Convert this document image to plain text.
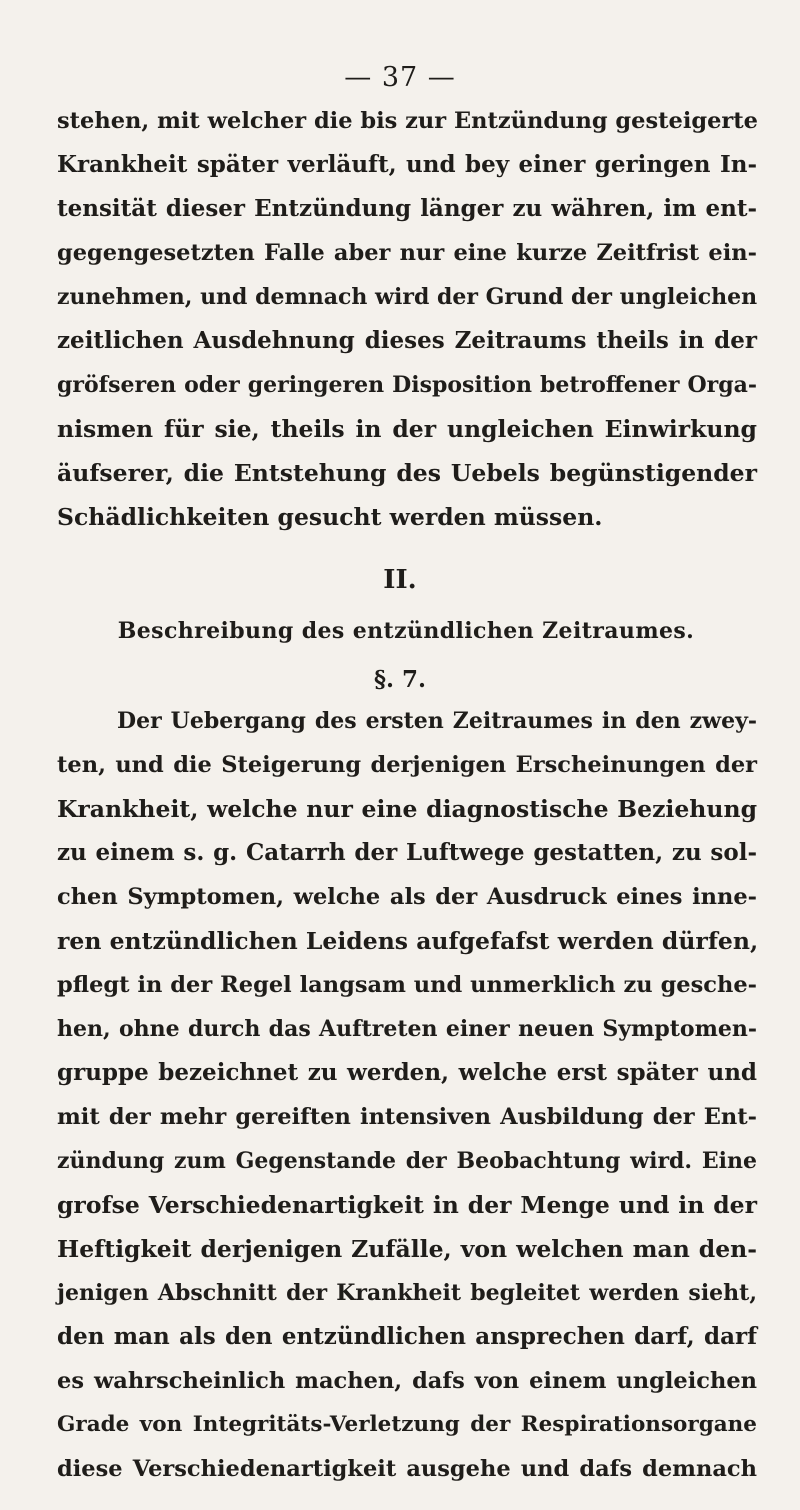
— 37 —
stehen, mit welcher die bis zur Entzündung gesteigerte
Krankheit später verläuft, und bey einer geringen In-
tensität dieser Entzündung länger zu währen, im ent-
gegengesetzten Falle aber nur eine kurze Zeitfrist ein-
zunehmen, und demnach wird der Grund der ungleichen
zeitlichen Ausdehnung dieses Zeitraums theils in der
gröfseren oder geringeren Disposition betroffener Orga-
nismen für sie, theils in der ungleichen Einwirkung
äufserer, die Entstehung des Uebels begünstigender
Schädlichkeiten gesucht werden müssen.
II.
Beschreibung des entzündlichen Zeitraumes.
§. 7.
Der Uebergang des ersten Zeitraumes in den zwey-
ten, und die Steigerung derjenigen Erscheinungen der
Krankheit, welche nur eine diagnostische Beziehung
zu einem s. g. Catarrh der Luftwege gestatten, zu sol-
chen Symptomen, welche als der Ausdruck eines inne-
ren entzündlichen Leidens aufgefafst werden dürfen,
pflegt in der Regel langsam und unmerklich zu gesche-
hen, ohne durch das Auftreten einer neuen Symptomen-
gruppe bezeichnet zu werden, welche erst später und
mit der mehr gereiften intensiven Ausbildung der Ent-
zündung zum Gegenstande der Beobachtung wird. Eine
grofse Verschiedenartigkeit in der Menge und in der
Heftigkeit derjenigen Zufälle, von welchen man den-
jenigen Abschnitt der Krankheit begleitet werden sieht,
den man als den entzündlichen ansprechen darf, darf
es wahrscheinlich machen, dafs von einem ungleichen
Grade von Integritäts-Verletzung der Respirationsorgane
diese Verschiedenartigkeit ausgehe und dafs demnach
